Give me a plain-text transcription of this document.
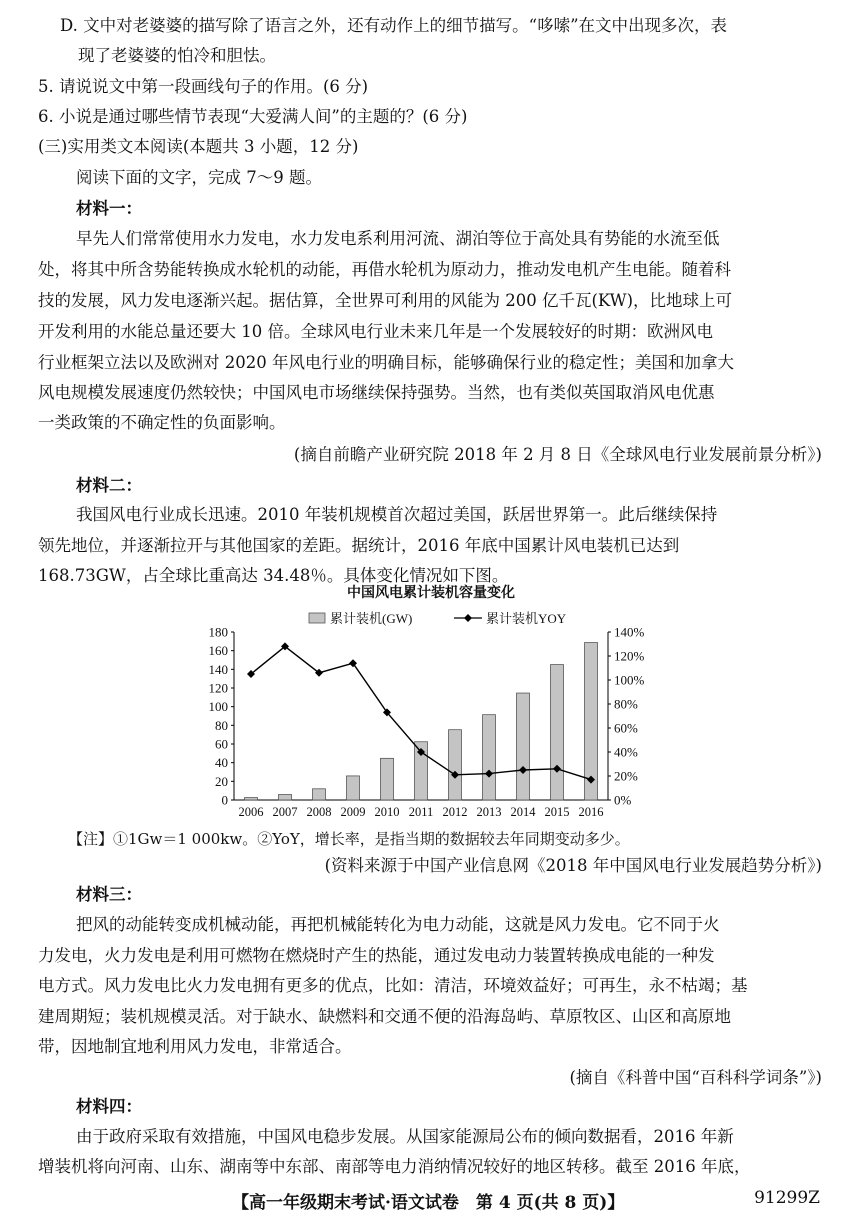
D. 文中对老婆婆的描写除了语言之外，还有动作上的细节描写。“哆嗦”在文中出现多次，表
现了老婆婆的怕冷和胆怯。
5. 请说说文中第一段画线句子的作用。(6 分)
6. 小说是通过哪些情节表现“大爱满人间”的主题的？(6 分)
(三)实用类文本阅读(本题共 3 小题，12 分)
阅读下面的文字，完成 7～9 题。
材料一：
早先人们常常使用水力发电，水力发电系利用河流、湖泊等位于高处具有势能的水流至低
处，将其中所含势能转换成水轮机的动能，再借水轮机为原动力，推动发电机产生电能。随着科
技的发展，风力发电逐渐兴起。据估算，全世界可利用的风能为 200 亿千瓦(KW)，比地球上可
开发利用的水能总量还要大 10 倍。全球风电行业未来几年是一个发展较好的时期：欧洲风电
行业框架立法以及欧洲对 2020 年风电行业的明确目标，能够确保行业的稳定性；美国和加拿大
风电规模发展速度仍然较快；中国风电市场继续保持强势。当然，也有类似英国取消风电优惠
一类政策的不确定性的负面影响。
(摘自前瞻产业研究院 2018 年 2 月 8 日《全球风电行业发展前景分析》)
材料二：
我国风电行业成长迅速。2010 年装机规模首次超过美国，跃居世界第一。此后继续保持
领先地位，并逐渐拉开与其他国家的差距。据统计，2016 年底中国累计风电装机已达到
168.73GW，占全球比重高达 34.48％。具体变化情况如下图。
中国风电累计装机容量变化
累计装机(GW)	累计装机YOY
0
20
40
60
80
100
120
140
160
180
0%
20%
40%
60%
80%
100%
120%
140%
2006 2007 2008 2009 2010 2011 2012 2013 2014 2015 2016
【注】①1Gw＝1 000kw。②YoY，增长率，是指当期的数据较去年同期变动多少。
(资料来源于中国产业信息网《2018 年中国风电行业发展趋势分析》)
材料三：
把风的动能转变成机械动能，再把机械能转化为电力动能，这就是风力发电。它不同于火
力发电，火力发电是利用可燃物在燃烧时产生的热能，通过发电动力装置转换成电能的一种发
电方式。风力发电比火力发电拥有更多的优点，比如：清洁，环境效益好；可再生，永不枯竭；基
建周期短；装机规模灵活。对于缺水、缺燃料和交通不便的沿海岛屿、草原牧区、山区和高原地
带，因地制宜地利用风力发电，非常适合。
(摘自《科普中国“百科科学词条”》)
材料四：
由于政府采取有效措施，中国风电稳步发展。从国家能源局公布的倾向数据看，2016 年新
增装机将向河南、山东、湖南等中东部、南部等电力消纳情况较好的地区转移。截至 2016 年底，
【高一年级期末考试·语文试卷　第 4 页(共 8 页)】	91299Z
